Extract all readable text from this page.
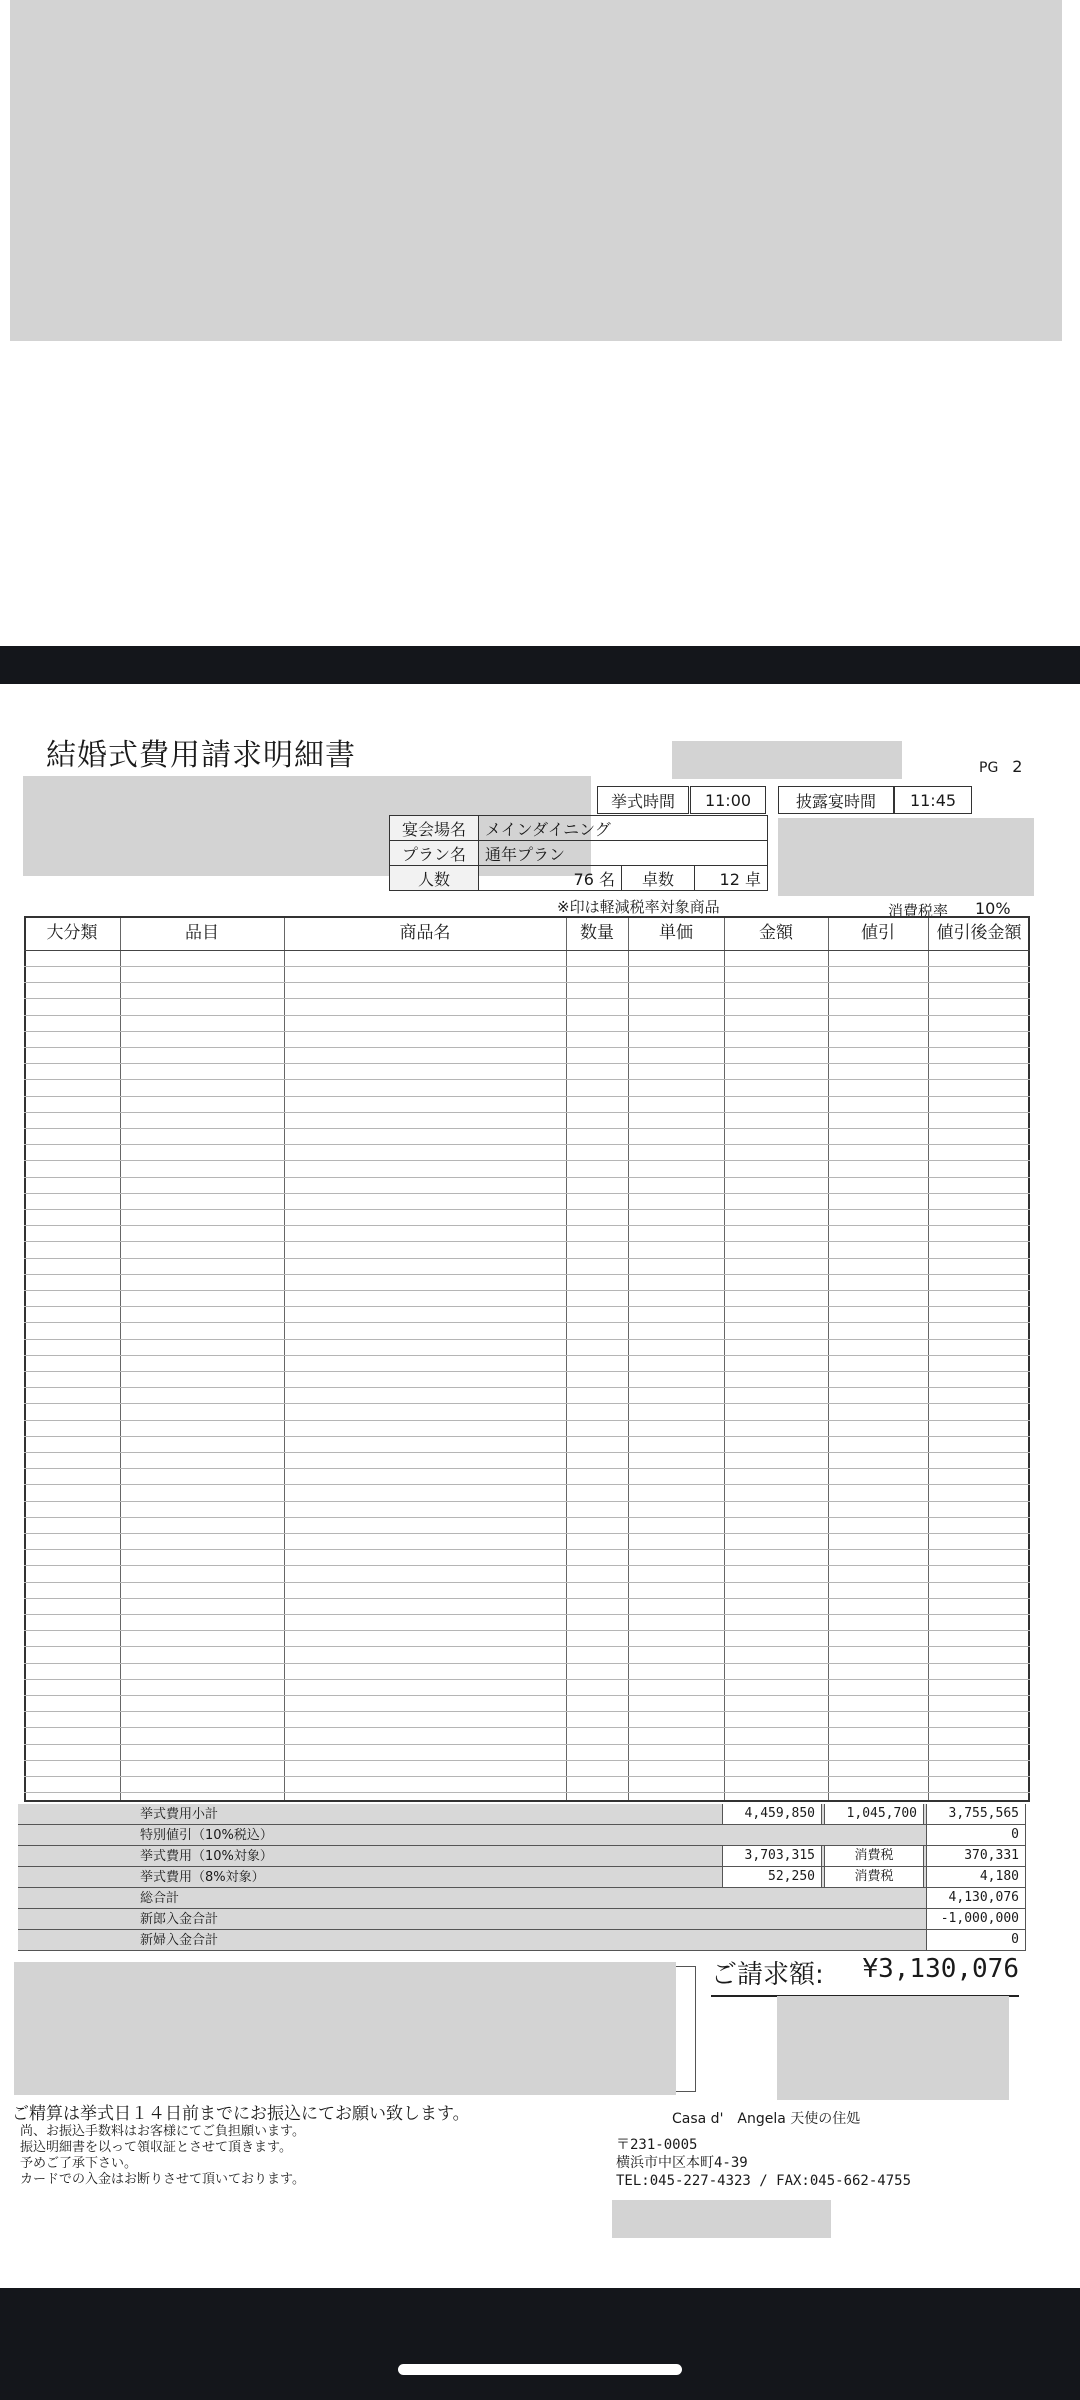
結婚式費用請求明細書	PG 2
挙式時間	11:00	披露宴時間	11:45
宴会場名	メインダイニング		
プラン名	通年プラン		
人数	76 名	卓数	12 卓
※印は軽減税率対象商品	消費税率 10%
大分類	品目	商品名	数量	単価	金額	値引	値引後金額
挙式費用小計	4,459,850	1,045,700	3,755,565
特別値引（10%税込）	0
挙式費用（10%対象）	3,703,315	消費税	370,331
挙式費用（8%対象）	52,250	消費税	4,180
総合計	4,130,076
新郎入金合計	-1,000,000
新婦入金合計	0
ご請求額: ¥3,130,076
ご精算は挙式日１４日前までにお振込にてお願い致します。
尚、お振込手数料はお客様にてご負担願います。
振込明細書を以って領収証とさせて頂きます。
予めご了承下さい。
カードでの入金はお断りさせて頂いております。
Casa d'　Angela 天使の住処
〒231-0005
横浜市中区本町4-39
TEL:045-227-4323 / FAX:045-662-4755
